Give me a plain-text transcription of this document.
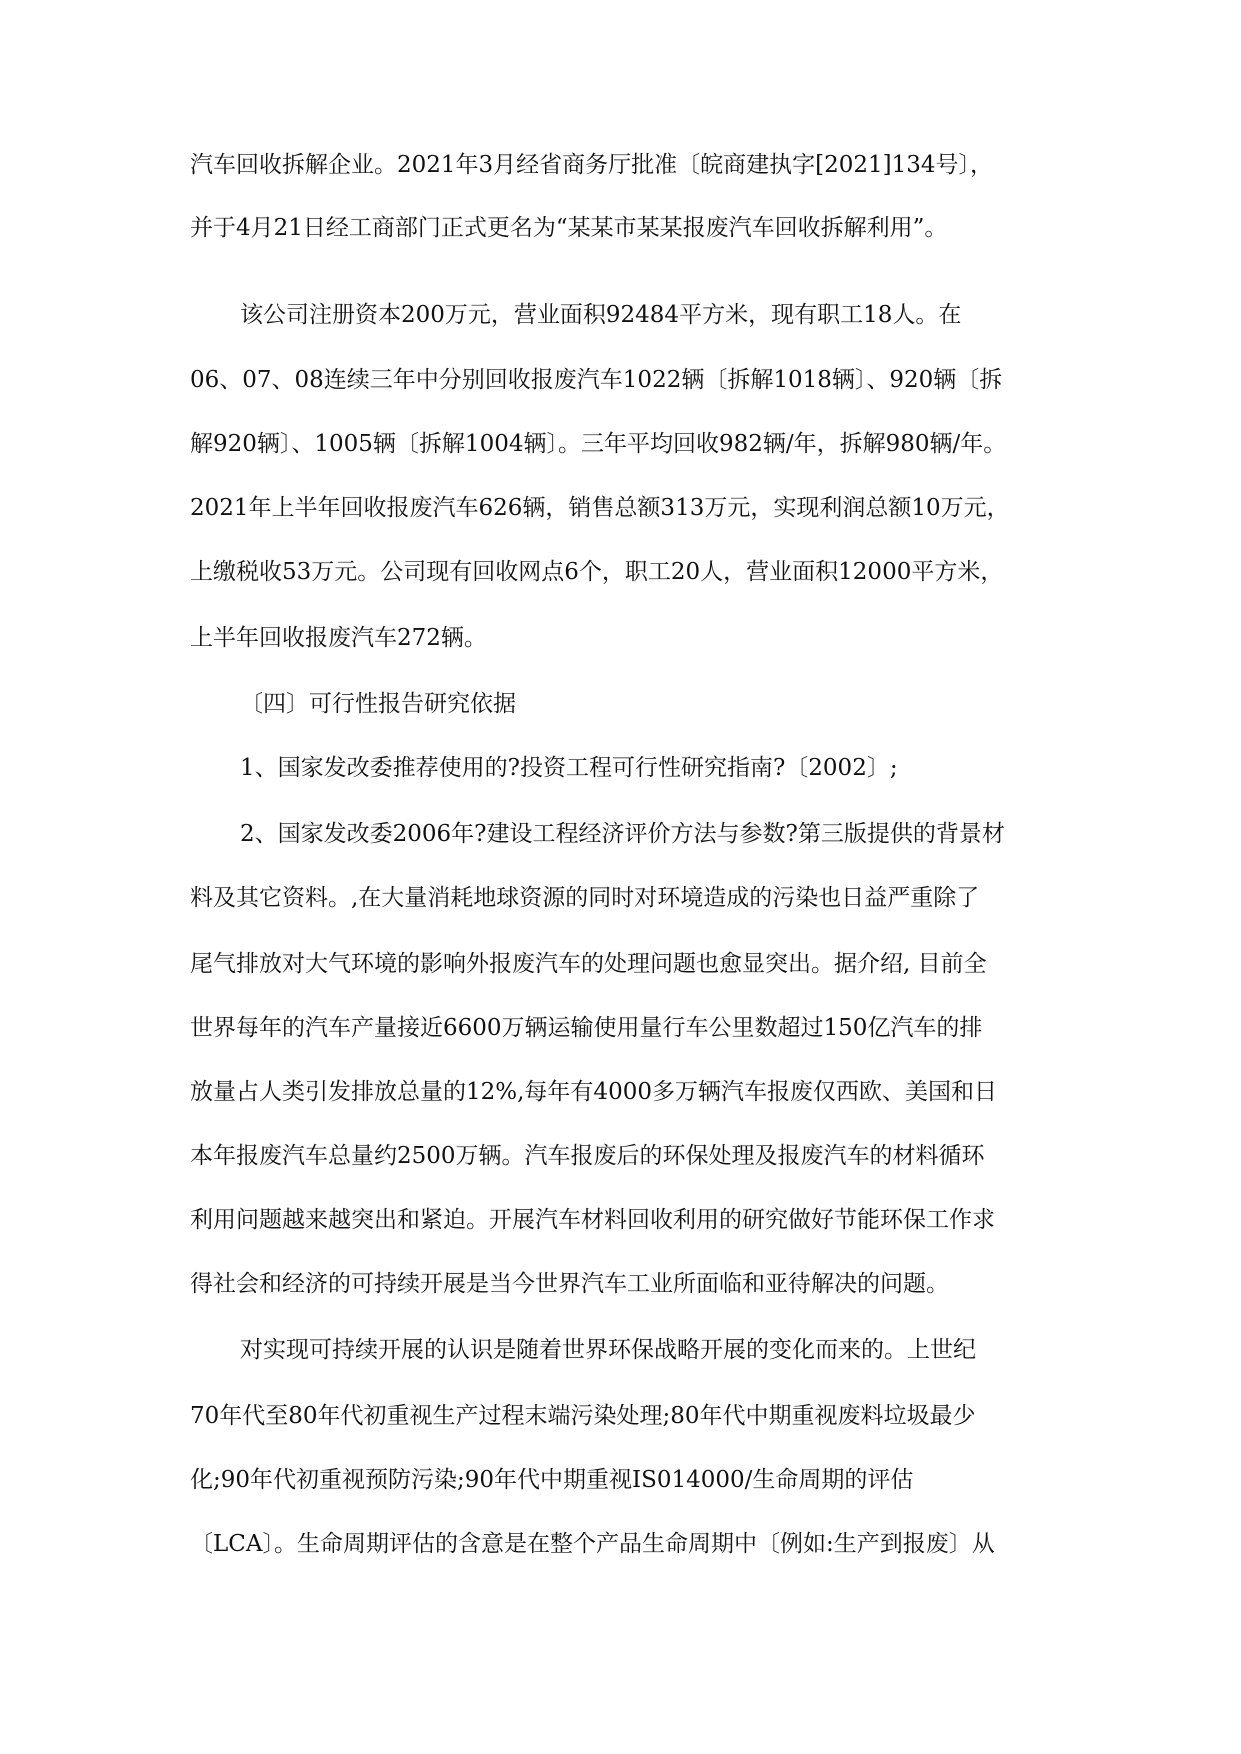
汽车回收拆解企业。2021年3月经省商务厅批准〔皖商建执字[2021]134号〕，
并于4月21日经工商部门正式更名为“某某市某某报废汽车回收拆解利用”。
该公司注册资本200万元，营业面积92484平方米，现有职工18人。在
06、07、08连续三年中分别回收报废汽车1022辆〔拆解1018辆〕、920辆〔拆
解920辆〕、1005辆〔拆解1004辆〕。三年平均回收982辆/年，拆解980辆/年。
2021年上半年回收报废汽车626辆，销售总额313万元，实现利润总额10万元，
上缴税收53万元。公司现有回收网点6个，职工20人，营业面积12000平方米，
上半年回收报废汽车272辆。
〔四〕可行性报告研究依据
1、国家发改委推荐使用的?投资工程可行性研究指南?〔2002〕;
2、国家发改委2006年?建设工程经济评价方法与参数?第三版提供的背景材
料及其它资料。,在大量消耗地球资源的同时对环境造成的污染也日益严重除了
尾气排放对大气环境的影响外报废汽车的处理问题也愈显突出。据介绍, 目前全
世界每年的汽车产量接近6600万辆运输使用量行车公里数超过150亿汽车的排
放量占人类引发排放总量的12%,每年有4000多万辆汽车报废仅西欧、美国和日
本年报废汽车总量约2500万辆。汽车报废后的环保处理及报废汽车的材料循环
利用问题越来越突出和紧迫。开展汽车材料回收利用的研究做好节能环保工作求
得社会和经济的可持续开展是当今世界汽车工业所面临和亚待解决的问题。
对实现可持续开展的认识是随着世界环保战略开展的变化而来的。上世纪
70年代至80年代初重视生产过程末端污染处理;80年代中期重视废料垃圾最少
化;90年代初重视预防污染;90年代中期重视IS014000/生命周期的评估
〔LCA〕。生命周期评估的含意是在整个产品生命周期中〔例如:生产到报废〕从
